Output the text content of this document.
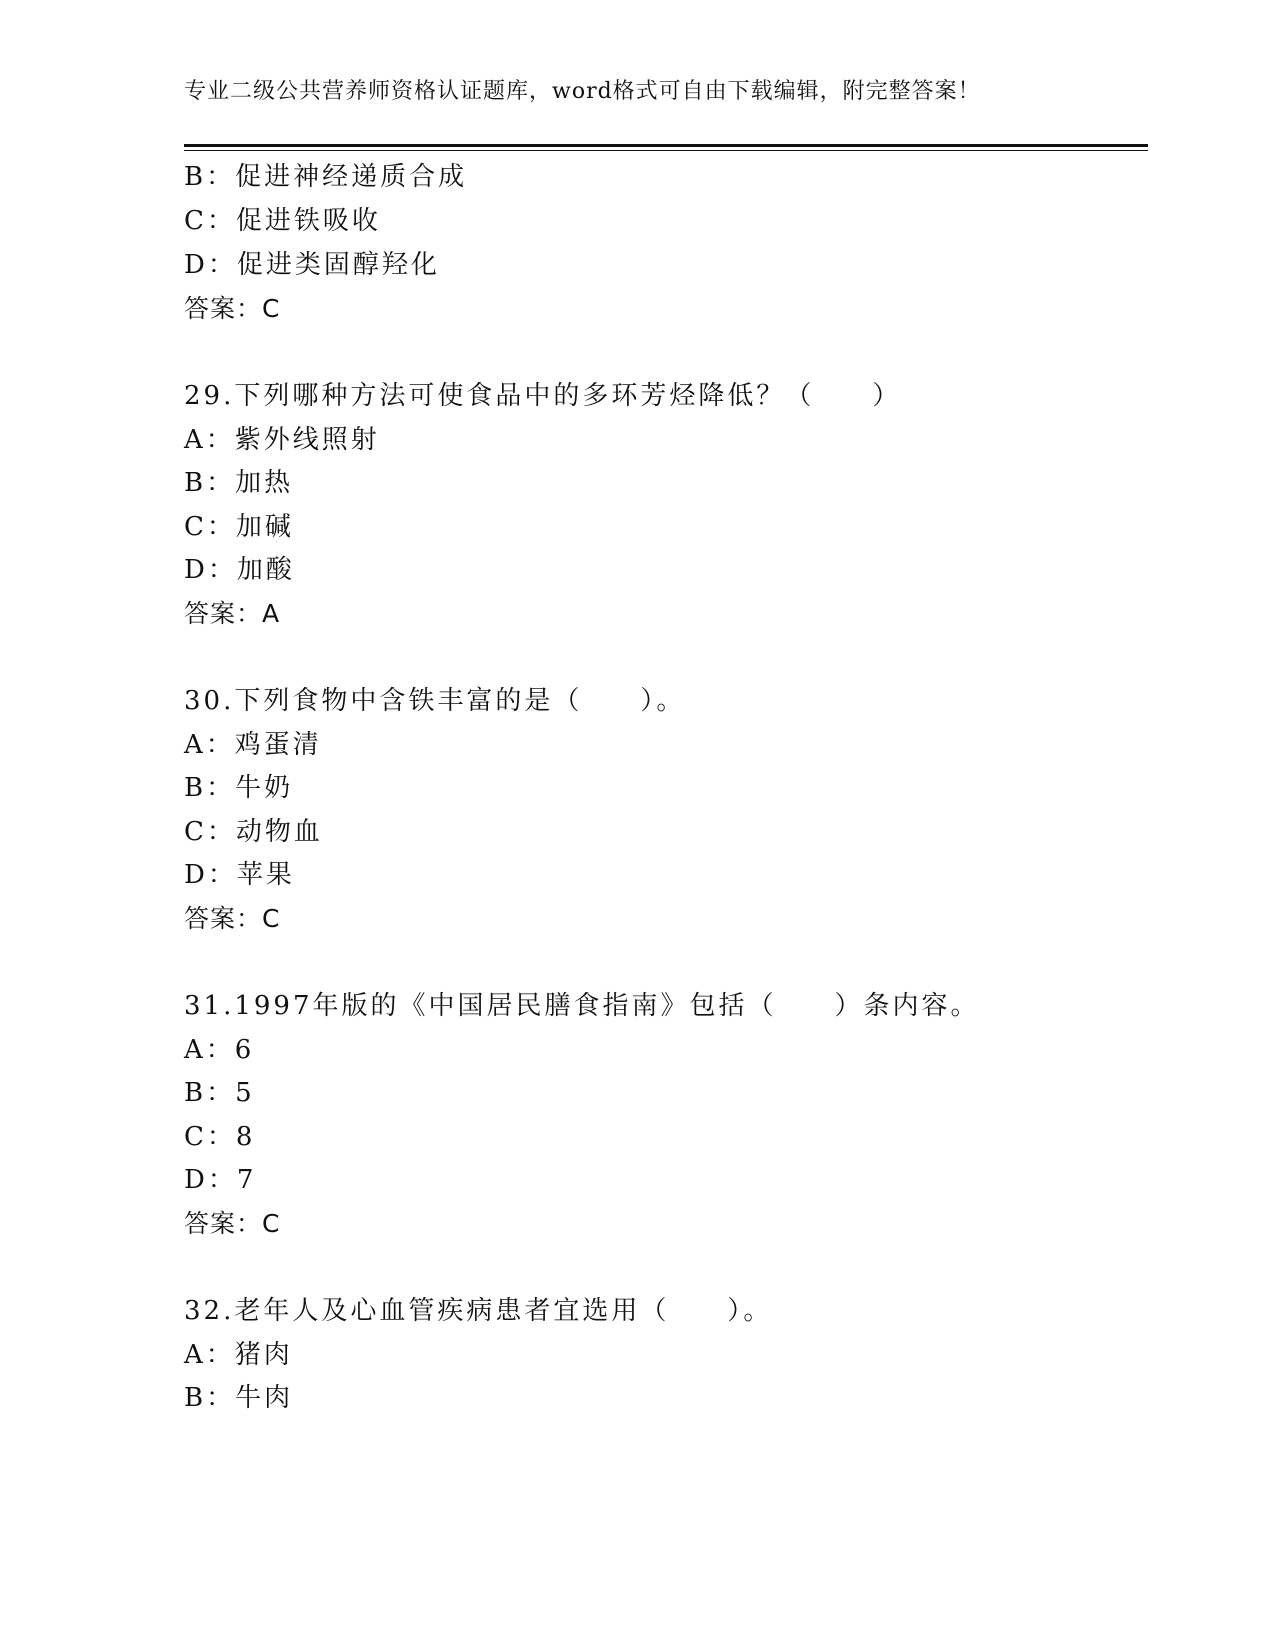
专业二级公共营养师资格认证题库，word格式可自由下载编辑，附完整答案！
B：促进神经递质合成
C：促进铁吸收
D：促进类固醇羟化
答案：C
29.下列哪种方法可使食品中的多环芳烃降低？（　　）
A：紫外线照射
B：加热
C：加碱
D：加酸
答案：A
30.下列食物中含铁丰富的是（　　）。
A：鸡蛋清
B：牛奶
C：动物血
D：苹果
答案：C
31.1997年版的《中国居民膳食指南》包括（　　）条内容。
A：6
B：5
C：8
D：7
答案：C
32.老年人及心血管疾病患者宜选用（　　）。
A：猪肉
B：牛肉
